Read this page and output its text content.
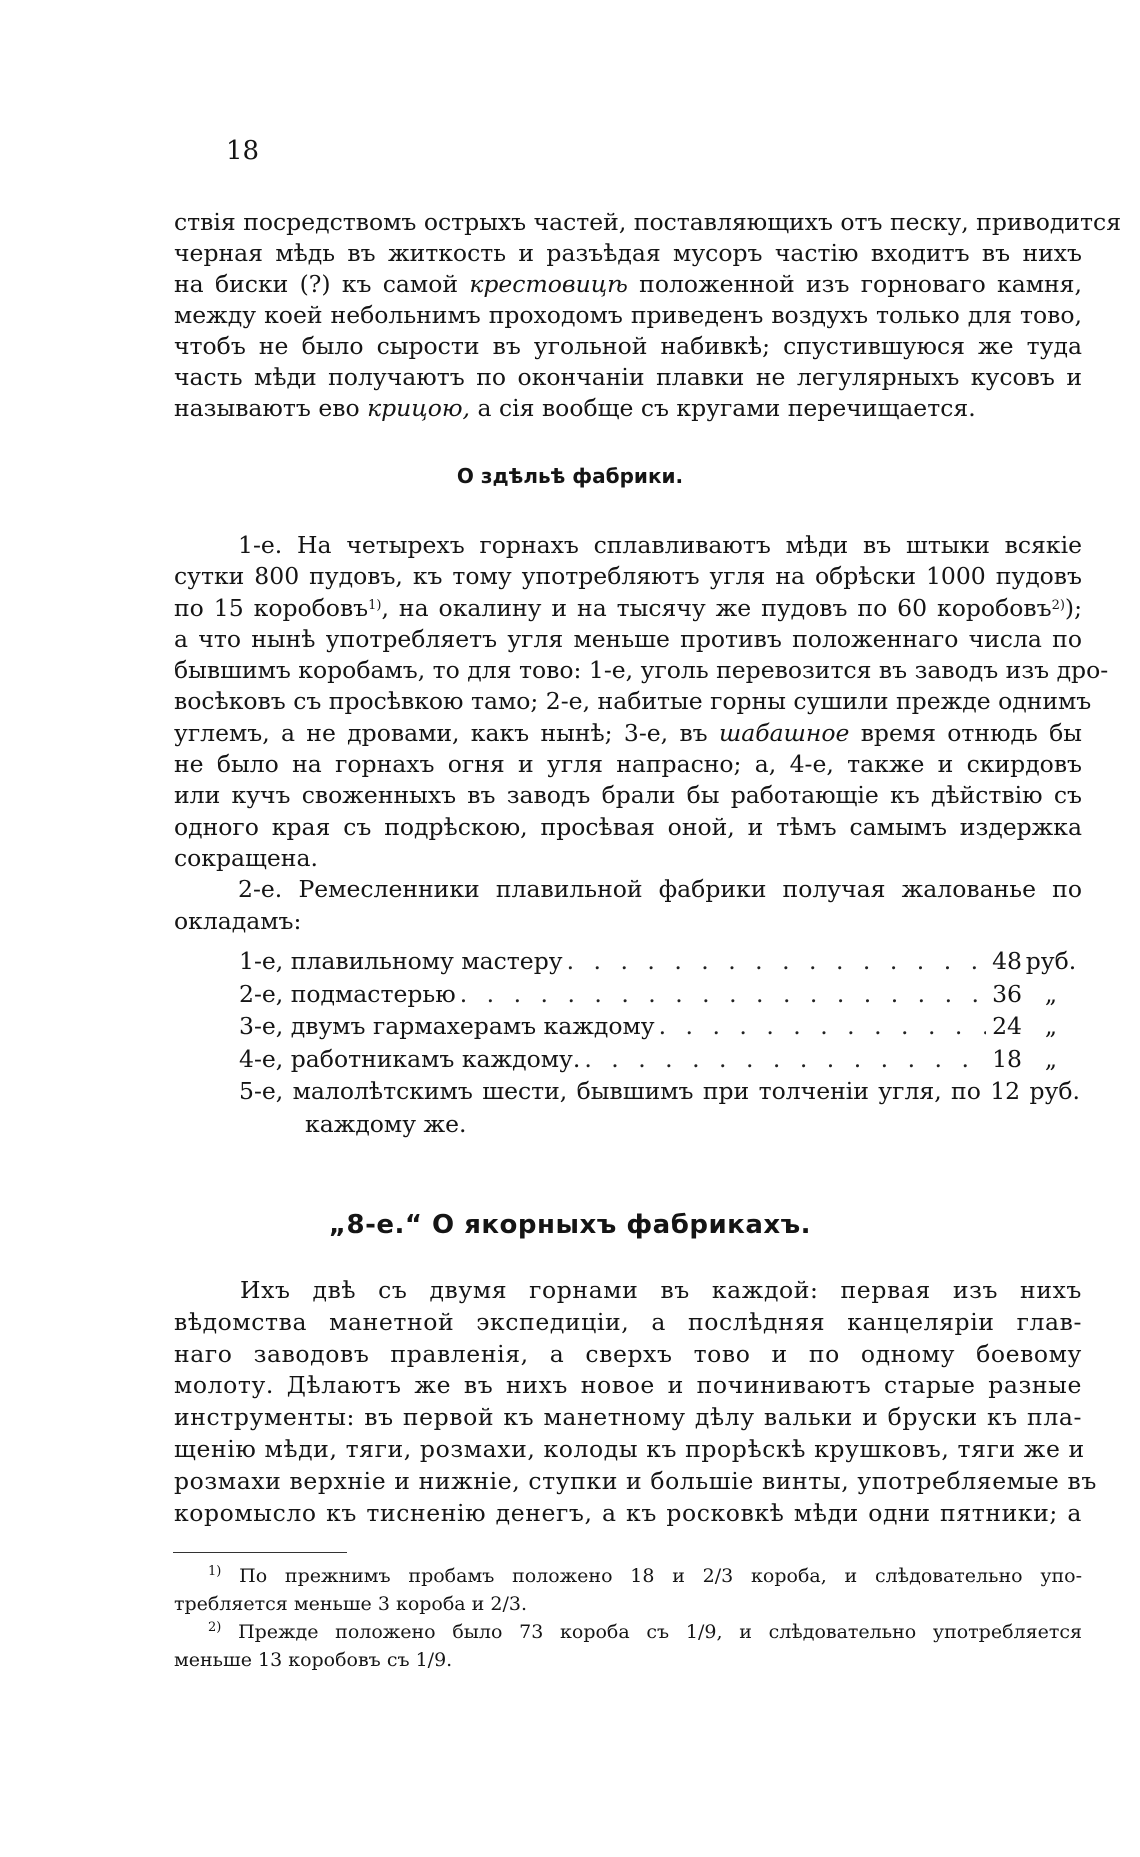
18
ствія посредствомъ острыхъ частей, поставляющихъ отъ песку, приводится
черная мѣдь въ житкость и разъѣдая мусоръ частію входитъ въ нихъ
на биски (?) къ самой крестовицѣ положенной изъ горноваго камня,
между коей небольнимъ проходомъ приведенъ воздухъ только для тово,
чтобъ не было сырости въ угольной набивкѣ; спустившуюся же туда
часть мѣди получаютъ по окончаніи плавки не легулярныхъ кусовъ и
называютъ ево крицою, а сія вообще съ кругами перечищается.
О здѣльѣ фабрики.
1-е. На четырехъ горнахъ сплавливаютъ мѣди въ штыки всякіе
сутки 800 пудовъ, къ тому употребляютъ угля на обрѣски 1000 пудовъ
по 15 коробовъ$^{1)}$, на окалину и на тысячу же пудовъ по 60 коробовъ$^{2)}$);
а что нынѣ употребляетъ угля меньше противъ положеннаго числа по
бывшимъ коробамъ, то для тово: 1-е, уголь перевозится въ заводъ изъ дро-
восѣковъ съ просѣвкою тамо; 2-е, набитые горны сушили прежде однимъ
углемъ, а не дровами, какъ нынѣ; 3-е, въ шабашное время отнюдь бы
не было на горнахъ огня и угля напрасно; а, 4-е, также и скирдовъ
или кучъ своженныхъ въ заводъ брали бы работающіе къ дѣйствію съ
одного края съ подрѣскою, просѣвая оной, и тѣмъ самымъ издержка
сокращена.
2-е. Ремесленники плавильной фабрики получая жалованье по
окладамъ:
1-е, плавильному мастеру . . .	48 руб.
2-е, подмастерью . . .	36 „
3-е, двумъ гармахерамъ каждому . . .	24 „
4-е, работникамъ каждому. . . .	18 „
5-е, малолѣтскимъ шести, бывшимъ при толченіи угля, по 12 руб.
каждому же.
„8-е.“ О якорныхъ фабрикахъ.
Ихъ двѣ съ двумя горнами въ каждой: первая изъ нихъ
вѣдомства манетной экспедиціи, а послѣдняя канцеляріи глав-
наго заводовъ правленія, а сверхъ тово и по одному боевому
молоту. Дѣлаютъ же въ нихъ новое и починиваютъ старые разные
инструменты: въ первой къ манетному дѣлу вальки и бруски къ пла-
щенію мѣди, тяги, розмахи, колоды къ прорѣскѣ крушковъ, тяги же и
розмахи верхніе и нижніе, ступки и большіе винты, употребляемые въ
коромысло къ тисненію денегъ, а къ росковкѣ мѣди одни пятники; а
$^{1)}$ По прежнимъ пробамъ положено 18 и 2/3 короба, и слѣдовательно упо-
требляется меньше 3 короба и 2/3.
$^{2)}$ Прежде положено было 73 короба съ 1/9, и слѣдовательно употребляется
меньше 13 коробовъ съ 1/9.
